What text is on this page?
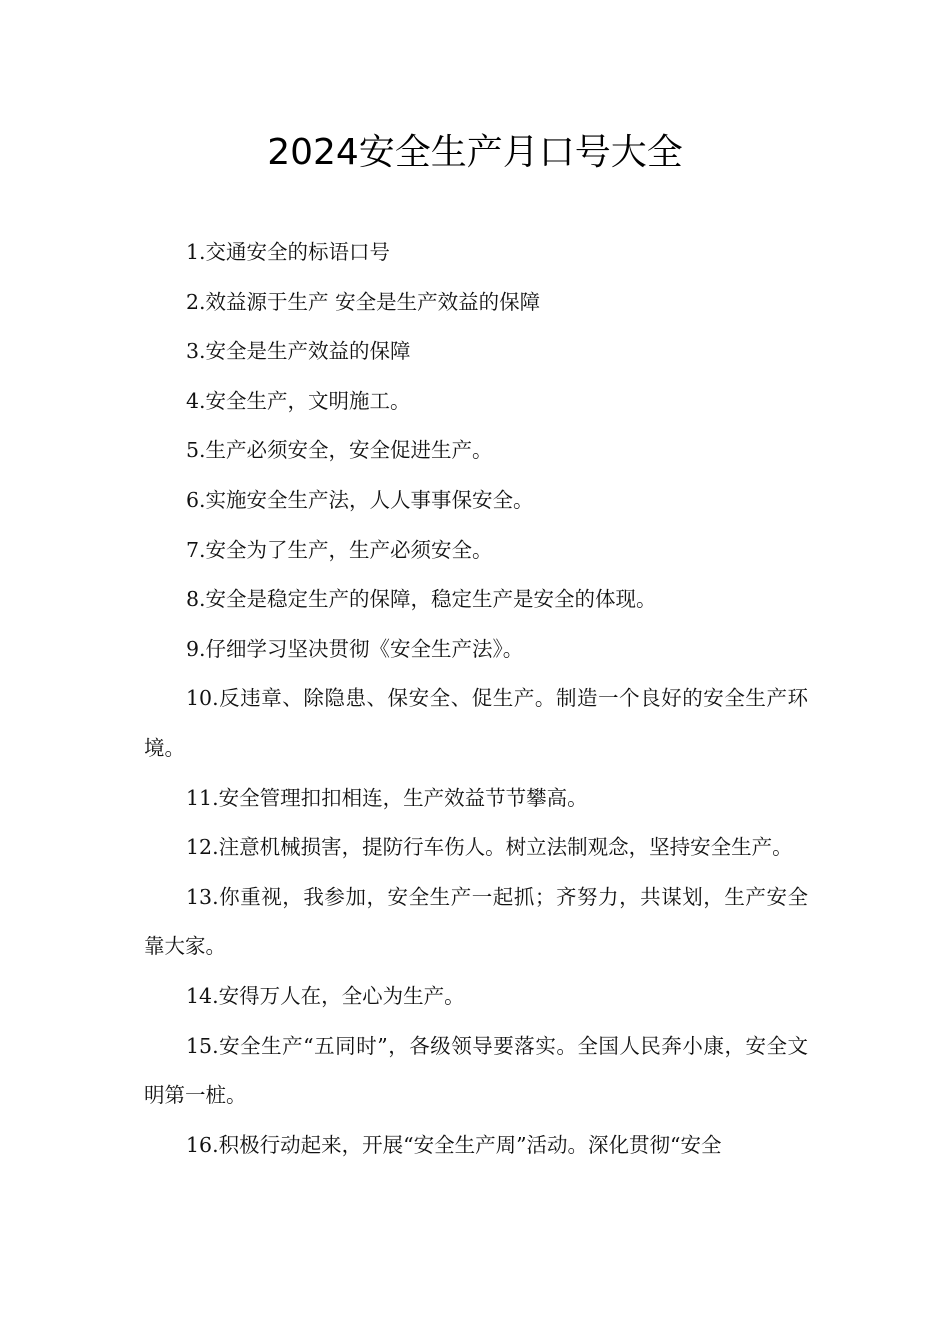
2024安全生产月口号大全

1.交通安全的标语口号

2.效益源于生产 安全是生产效益的保障

3.安全是生产效益的保障

4.安全生产，文明施工。

5.生产必须安全，安全促进生产。

6.实施安全生产法，人人事事保安全。

7.安全为了生产，生产必须安全。

8.安全是稳定生产的保障，稳定生产是安全的体现。

9.仔细学习坚决贯彻《安全生产法》。

10.反违章、除隐患、保安全、促生产。制造一个良好的安全生产环境。

11.安全管理扣扣相连，生产效益节节攀高。

12.注意机械损害，提防行车伤人。树立法制观念，坚持安全生产。

13.你重视，我参加，安全生产一起抓；齐努力，共谋划，生产安全靠大家。

14.安得万人在，全心为生产。

15.安全生产“五同时”，各级领导要落实。全国人民奔小康，安全文明第一桩。

16.积极行动起来，开展“安全生产周”活动。深化贯彻“安全
